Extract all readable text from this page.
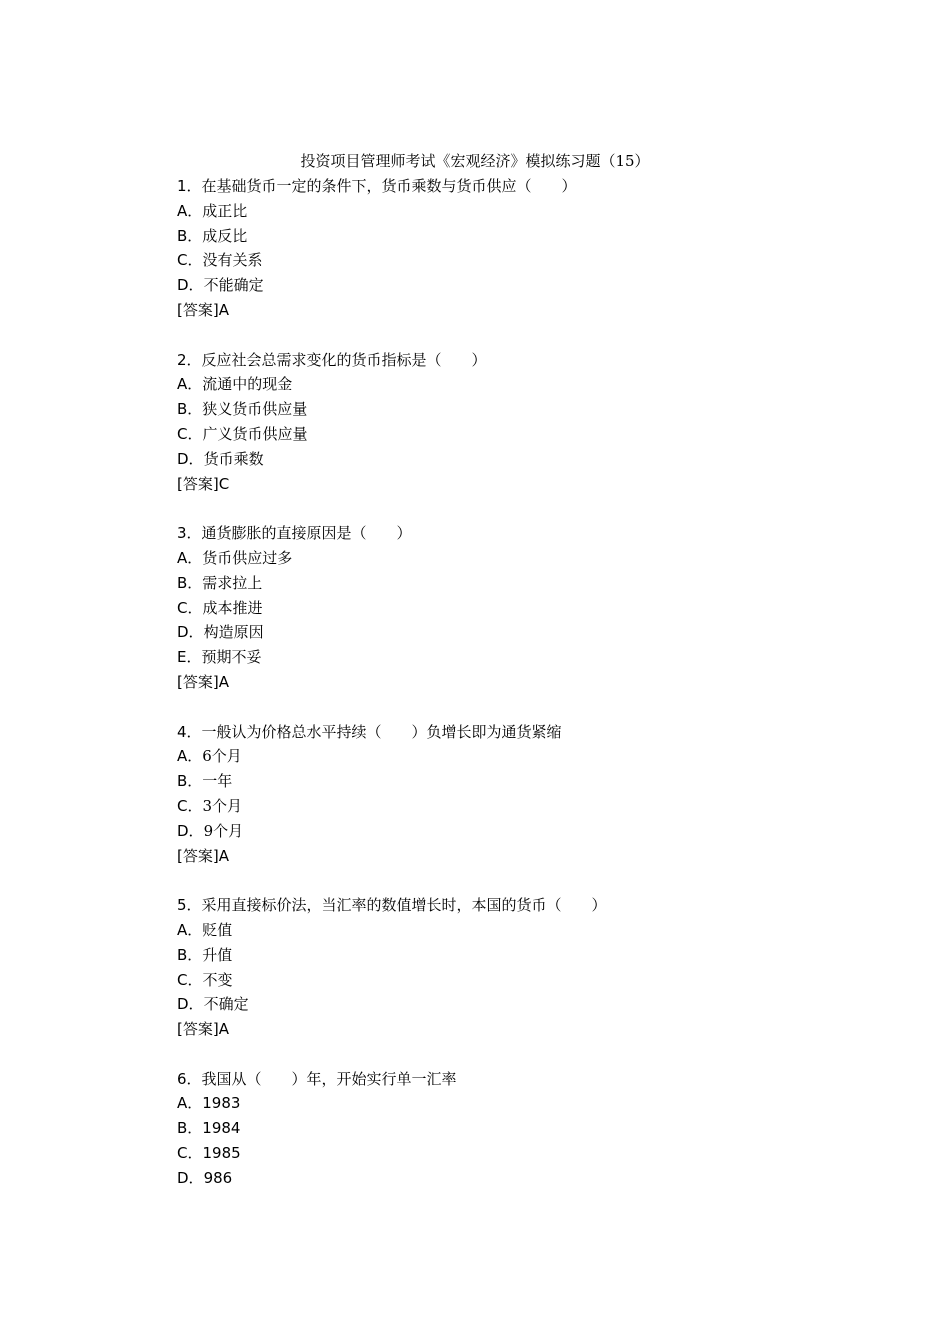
投资项目管理师考试《宏观经济》模拟练习题（15）
1．在基础货币一定的条件下，货币乘数与货币供应（　　）
A．成正比
B．成反比
C．没有关系
D．不能确定
[答案]A
2．反应社会总需求变化的货币指标是（　　）
A．流通中的现金
B．狭义货币供应量
C．广义货币供应量
D．货币乘数
[答案]C
3．通货膨胀的直接原因是（　　）
A．货币供应过多
B．需求拉上
C．成本推进
D．构造原因
E．预期不妥
[答案]A
4．一般认为价格总水平持续（　　）负增长即为通货紧缩
A．6个月
B．一年
C．3个月
D．9个月
[答案]A
5．采用直接标价法，当汇率的数值增长时，本国的货币（　　）
A．贬值
B．升值
C．不变
D．不确定
[答案]A
6．我国从（　　）年，开始实行单一汇率
A．1983
B．1984
C．1985
D．986
